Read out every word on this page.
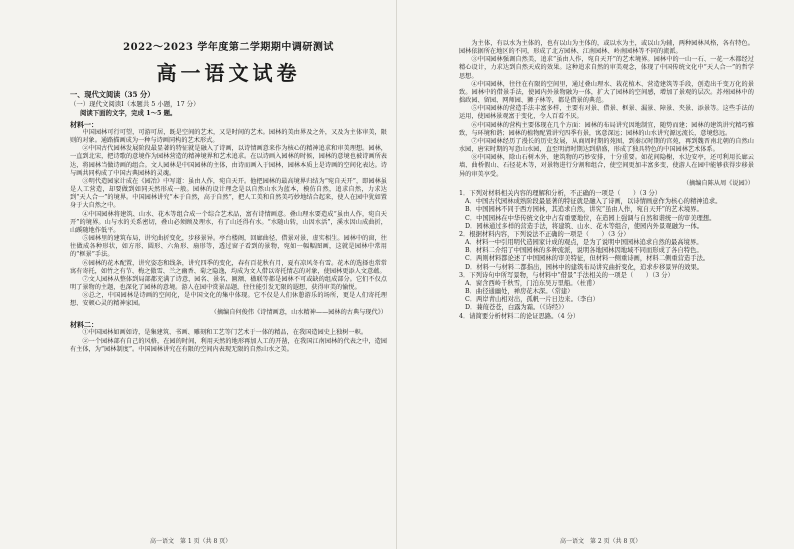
2022～2023 学年度第二学期期中调研测试
高一语文试卷
一、现代文阅读（35 分）
（一）现代文阅读Ⅰ（本题共 5 小题，17 分）
阅读下面的文字，完成 1～5 题。
材料一：

中国园林可行可望，可游可居，既是空间的艺术，又是时间的艺术。园林的美由界及之外，又及为主体审美，限则的对象。通路描画成为一种与诗画同构的艺术形式。

②中国古代园林发展阶段最显著的特征就是融入了诗画，以诗情画意来作为核心的精神追求和审美理想。园林，一直到北宋，把诗歌的意境作为园林营造的精神境界和艺术追求。在以诗画入园林的时候，园林的意境也被诗画所表达，将园林当做诗画的组合。文人园林是中国园林的主体，由诗而画入于园林，园林本质上是诗画的空间化表达。诗与画共同构成了中国古典园林的灵魂。

③明代造园家计成在《园冶》中写道：虽由人作，宛自天开。他把园林的最高境界归结为“宛自天开”，即园林虽是人工营造，却要做到如同天然形成一般。园林的设计理念是以自然山水为蓝本，模仿自然，追求自然，力求达到“天人合一”的境界。中国园林讲究“本于自然，高于自然”，把人工美和自然美巧妙地结合起来，使人在园中犹如置身于大自然之中。

④中国园林将建筑、山水、花木等组合成一个综合艺术品，富有诗情画意。叠山理水要造成“虽由人作，宛自天开”的境界。山与水的关系密切，叠山必须顾及理水，有了山还得有水。“水随山转，山因水活”，溪水因山成曲折，山蹊随地作低平。

⑤园林里的建筑布局，讲究曲折变化，步移景异。亭台楼阁，回廊曲径，借景对景，虚实相生。园林中的窗，往往做成各种形状，如方形、圆形、六角形、扇形等，透过窗子看到的景物，宛如一幅幅图画，这就是园林中常用的“框景”手法。

⑥园林的花木配置，讲究姿态和线条，讲究四季的变化，春有百花秋有月，夏有凉风冬有雪。花木的选择也常常寓有寄托，如竹之有节、梅之傲雪、兰之幽香、菊之隐逸，均成为文人借以寄托情志的对象，使园林更添人文意蕴。

⑦文人园林从整体到局部都充满了诗意，园名、景名、匾额、楹联等都是园林不可或缺的组成部分。它们不仅点明了景物的主题，也深化了园林的意境。游人在园中赏景品题，往往能引发无限的遐想，获得审美的愉悦。

⑧总之，中国园林是诗画的空间化，是中国文化的集中体现。它不仅是人们休憩游乐的场所，更是人们寄托理想、安顿心灵的精神家园。

（摘编自何俊伟《诗情画意，山水精神——园林的古典与现代》）
材料二：

①中国园林如画如诗，是集建筑、书画、雕刻和工艺等门艺术于一体的精品，在我国造园史上独树一帜。

②一个园林部有自己的风格，在园的时间，利用天然的地形再加人工的开凿，在我国江南园林的代表之中，造园有主体，为“园林制度”。中国园林讲究在有限的空间内表现无限的自然山水之美。

为主体，有以水为主体的，也有以山为主体的，或以水为主，或以山为辅，两种园林风格，各有特色。园林依据所在地区的不同，形成了北方园林、江南园林、岭南园林等不同的流派。

③中国园林强调自然美，追求“虽由人作，宛自天开”的艺术境界。园林中的一山一石、一花一木都经过精心设计，力求达到自然天成的效果。这种追求自然的审美观念，体现了中国传统文化中“天人合一”的哲学思想。

④中国园林，往往在有限的空间里，通过叠山理水、栽花植木、营造建筑等手段，创造出千变万化的景致。园林中的借景手法，使园内外景物融为一体，扩大了园林的空间感，增加了景观的层次。苏州园林中的拙政园、留园、网师园、狮子林等，都是借景的典范。

⑤中国园林的营造手法丰富多样，主要有对景、借景、框景、漏景、障景、夹景、添景等。这些手法的运用，使园林景观富于变化，令人百看不厌。

⑥中国园林的营构主要体现在几个方面：园林的布局讲究因地制宜，随势而建；园林的建筑讲究精巧雅致，与环境和谐；园林的植物配置讲究四季有景，寓意深远；园林的山水讲究源远流长，意境悠远。

⑦中国园林经历了漫长的历史发展，从商周时期的苑囿，到秦汉时期的宫苑，再到魏晋南北朝的自然山水园，唐宋时期的写意山水园，直至明清时期达到鼎盛，形成了独具特色的中国园林艺术体系。

⑧中国园林，除山石树木外，建筑物的巧妙安排，十分重要。如花间隐榭，水边安亭，还可利用长廊云墙、曲桥假山、石径花木等，对景物进行分割和组合，使空间更加丰富多变，使游人在园中能够获得步移景异的审美享受。

（摘编自陈从周《说园》）

1．下列对材料相关内容的理解和分析，不正确的一项是（　　）（3 分）

A．中国古代园林成熟阶段最显著的特征就是融入了诗画，以诗情画意作为核心的精神追求。

B．中国园林不同于西方园林，其追求自然，讲究“虽由人作，宛自天开”的艺术境界。

C．中国园林在中华传统文化中占有重要地位，在造园上强调与自然和谐统一的审美理想。

D．园林通过多样的营造手法，将建筑、山水、花木等组合，使园内外景观融为一体。

2．根据材料内容，下列说法不正确的一项是（　　）（3 分）

A．材料一中引用明代造园家计成的观点，是为了说明中国园林追求自然的最高境界。

B．材料二介绍了中国园林的多种流派，说明各地园林因地域不同而形成了各自特色。

C．两则材料都论述了中国园林的审美特征，但材料一侧重诗画，材料二侧重营造手法。

D．材料一与材料二都指出，园林中的建筑布局讲究曲折变化，追求步移景异的效果。

3．下列诗句中所写景物，与材料中“借景”手法相关的一项是（　　）（3 分）

A．窗含西岭千秋雪，门泊东吴万里船。（杜甫）

B．曲径通幽处，禅房花木深。（常建）

C．两岸青山相对出，孤帆一片日边来。（李白）

D．蒹葭苍苍，白露为霜。（《诗经》）

4．请简要分析材料二的论证思路。（4 分）

高一语文　第 1 页（共 8 页）	高一语文　第 2 页（共 8 页）
